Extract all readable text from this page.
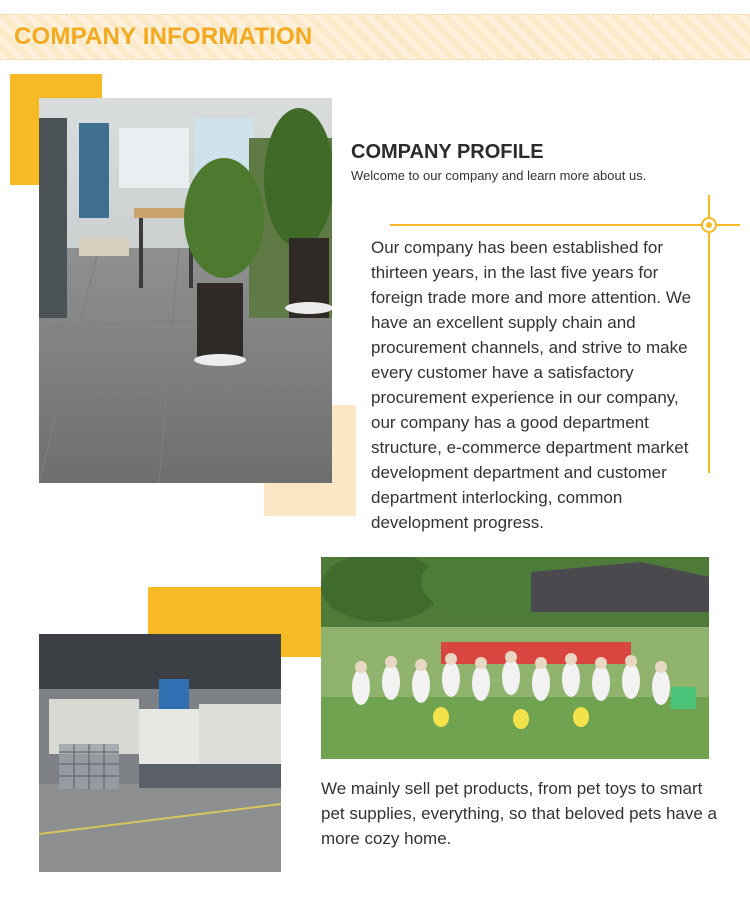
COMPANY INFORMATION
COMPANY PROFILE
Welcome to our company and learn more about us.
Our company has been established for thirteen years, in the last five years for foreign trade more and more attention. We have an excellent supply chain and procurement channels, and strive to make every customer have a satisfactory procurement experience in our company, our company has a good department structure, e-commerce department market development department and customer department interlocking, common development progress.
We mainly sell pet products, from pet toys to smart pet supplies, everything, so that beloved pets have a more cozy home.
